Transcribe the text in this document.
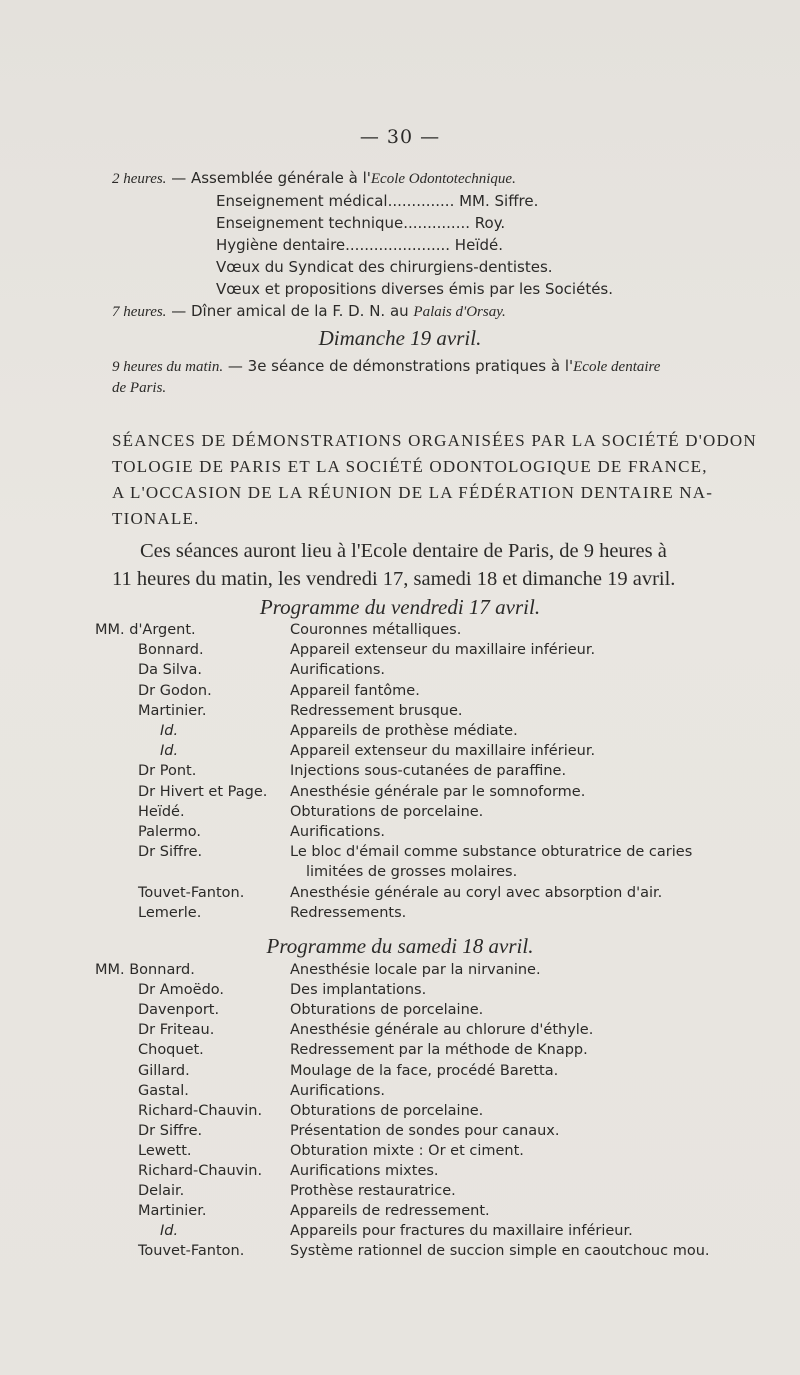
— 30 —
2 heures. — Assemblée générale à l'Ecole Odontotechnique.
Enseignement médical.............. MM. Siffre.
Enseignement technique.............. Roy.
Hygiène dentaire...................... Heïdé.
Vœux du Syndicat des chirurgiens-dentistes.
Vœux et propositions diverses émis par les Sociétés.
7 heures. — Dîner amical de la F. D. N. au Palais d'Orsay.
Dimanche 19 avril.
9 heures du matin. — 3e séance de démonstrations pratiques à l'Ecole dentaire
de Paris.
SÉANCES DE DÉMONSTRATIONS ORGANISÉES PAR LA SOCIÉTÉ D'ODON
TOLOGIE DE PARIS ET LA SOCIÉTÉ ODONTOLOGIQUE DE FRANCE,
A L'OCCASION DE LA RÉUNION DE LA FÉDÉRATION DENTAIRE NA-
TIONALE.
Ces séances auront lieu à l'Ecole dentaire de Paris, de 9 heures à
11 heures du matin, les vendredi 17, samedi 18 et dimanche 19 avril.
Programme du vendredi 17 avril.
MM. d'Argent.	Couronnes métalliques.
Bonnard.	Appareil extenseur du maxillaire inférieur.
Da Silva.	Aurifications.
Dr Godon.	Appareil fantôme.
Martinier.	Redressement brusque.
Id.	Appareils de prothèse médiate.
Id.	Appareil extenseur du maxillaire inférieur.
Dr Pont.	Injections sous-cutanées de paraffine.
Dr Hivert et Page. Anesthésie générale par le somnoforme.
Heïdé.	Obturations de porcelaine.
Palermo.	Aurifications.
Dr Siffre.	Le bloc d'émail comme substance obturatrice de caries
limitées de grosses molaires.
Touvet-Fanton.	Anesthésie générale au coryl avec absorption d'air.
Lemerle.	Redressements.
Programme du samedi 18 avril.
MM. Bonnard.	Anesthésie locale par la nirvanine.
Dr Amoëdo.	Des implantations.
Davenport.	Obturations de porcelaine.
Dr Friteau.	Anesthésie générale au chlorure d'éthyle.
Choquet.	Redressement par la méthode de Knapp.
Gillard.	Moulage de la face, procédé Baretta.
Gastal.	Aurifications.
Richard-Chauvin. Obturations de porcelaine.
Dr Siffre.	Présentation de sondes pour canaux.
Lewett.	Obturation mixte : Or et ciment.
Richard-Chauvin. Aurifications mixtes.
Delair.	Prothèse restauratrice.
Martinier.	Appareils de redressement.
Id.	Appareils pour fractures du maxillaire inférieur.
Touvet-Fanton.	Système rationnel de succion simple en caoutchouc mou.
